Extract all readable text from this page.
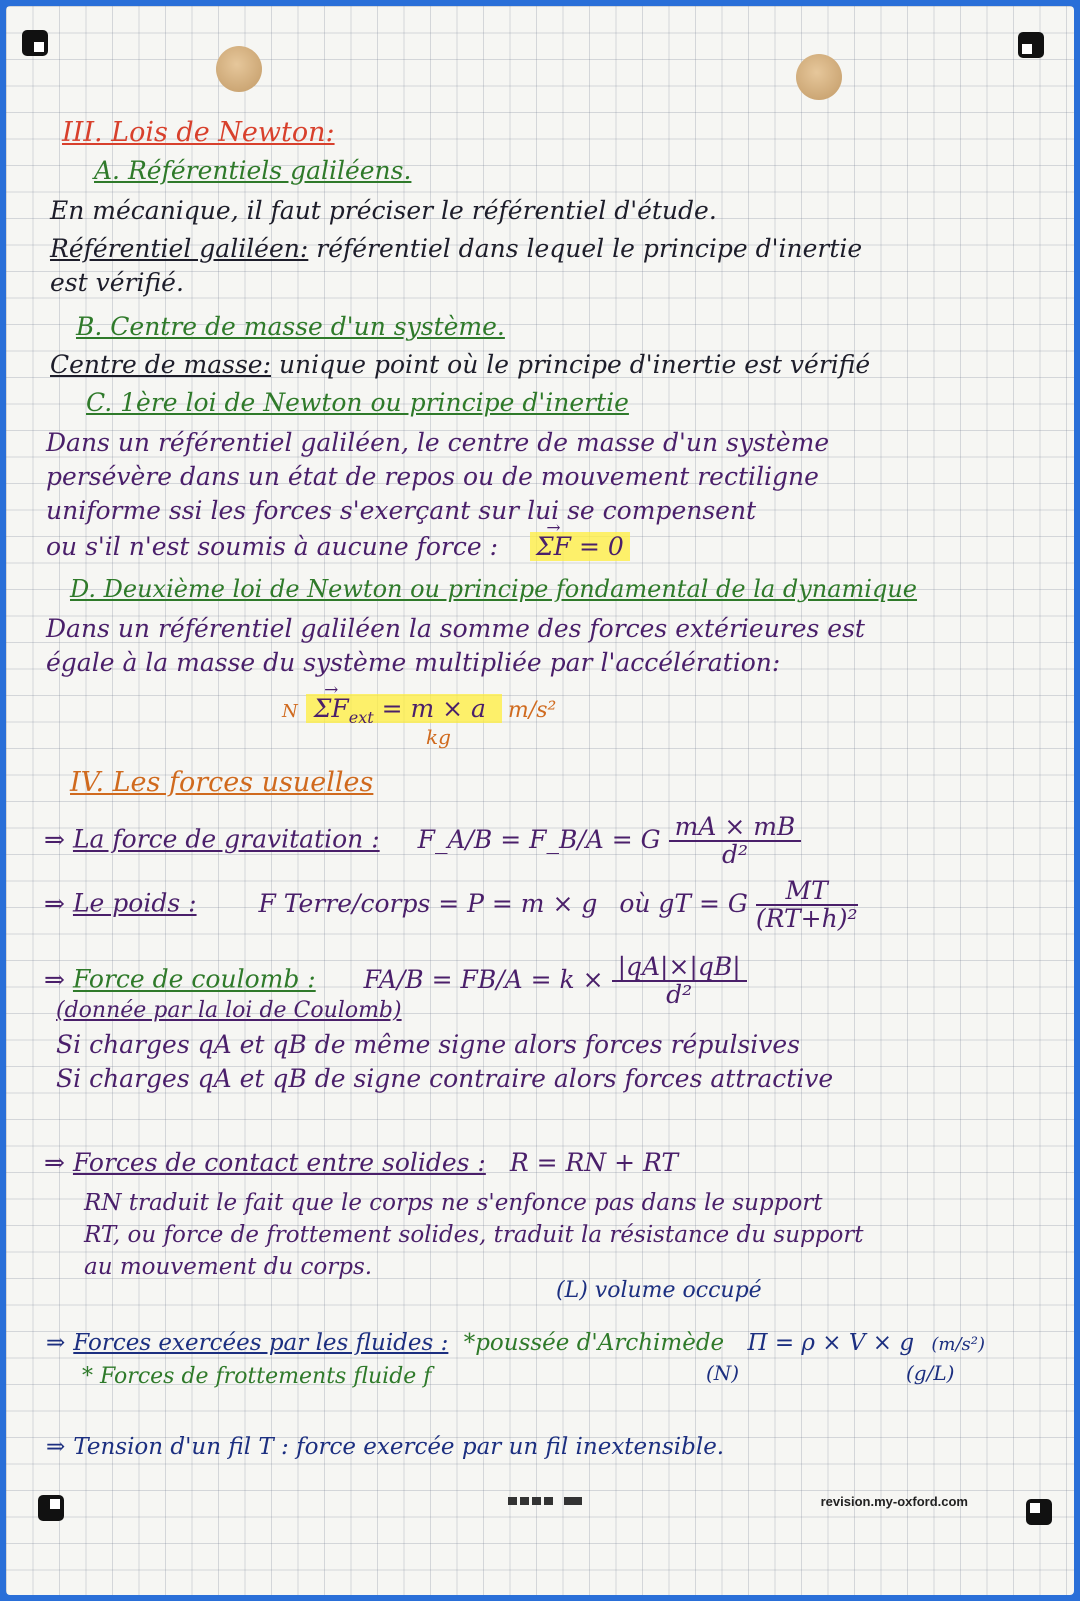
III. Lois de Newton:
A. Référentiels galiléens.
En mécanique, il faut préciser le référentiel d'étude.
Référentiel galiléen: référentiel dans lequel le principe d'inertie
est vérifié.
B. Centre de masse d'un système.
Centre de masse: unique point où le principe d'inertie est vérifié
C. 1ère loi de Newton ou principe d'inertie
Dans un référentiel galiléen, le centre de masse d'un système
persévère dans un état de repos ou de mouvement rectiligne
uniforme ssi les forces s'exerçant sur lui se compensent
ou s'il n'est soumis à aucune force : → ΣF = 0
D. Deuxième loi de Newton ou principe fondamental de la dynamique
Dans un référentiel galiléen la somme des forces extérieures est
égale à la masse du système multipliée par l'accélération:
$N \to \Sigma F_{ext} = m \times a$ m/s²
kg
IV. Les forces usuelles
⇒ La force de gravitation : F_A/B = F_B/A = G $\frac{mA \times mB}{\text{d²}}$
⇒ Le poids : F Terre/corps = P = m × g où gT = G $\frac{MT}{\text{(RT+h)²}}$
⇒ Force de coulomb : $FA/B = FB/A = k \times \frac{|qA|\times|qB|}{\text{d²}}$
(donnée par la loi de Coulomb)
Si charges qA et qB de même signe alors forces répulsives
Si charges qA et qB de signe contraire alors forces attractive
⇒ Forces de contact entre solides : R = RN + RT
RN traduit le fait que le corps ne s'enfonce pas dans le support
RT, ou force de frottement solides, traduit la résistance du support
au mouvement du corps.
(L) volume occupé
⇒ Forces exercées par les fluides : *poussée d'Archimède Π = ρ × V × g (m/s²)
* Forces de frottements fluide f	(N)	(g/L)
⇒ Tension d'un fil T : force exercée par un fil inextensible.
revision.my-oxford.com
